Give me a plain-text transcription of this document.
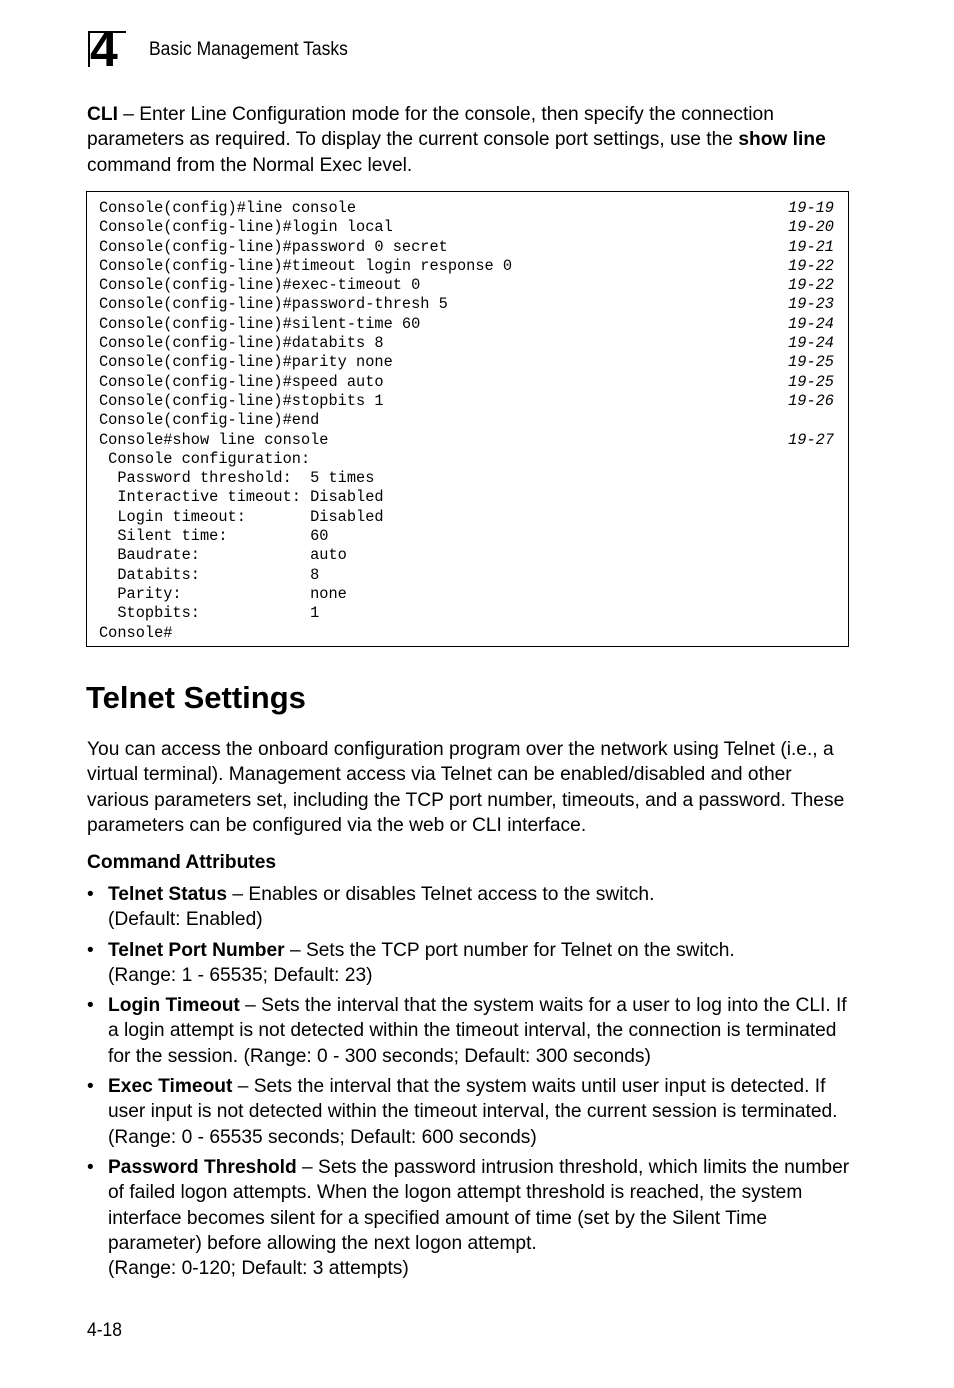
4 Basic Management Tasks

CLI – Enter Line Configuration mode for the console, then specify the connection parameters as required. To display the current console port settings, use the show line command from the Normal Exec level.

Console(config)#line console	19-19
Console(config-line)#login local	19-20
Console(config-line)#password 0 secret	19-21
Console(config-line)#timeout login response 0	19-22
Console(config-line)#exec-timeout 0	19-22
Console(config-line)#password-thresh 5	19-23
Console(config-line)#silent-time 60	19-24
Console(config-line)#databits 8	19-24
Console(config-line)#parity none	19-25
Console(config-line)#speed auto	19-25
Console(config-line)#stopbits 1	19-26
Console(config-line)#end
Console#show line console	19-27
Console configuration:
Password threshold:  5 times
Interactive timeout: Disabled
Login timeout:       Disabled
Silent time:         60
Baudrate:            auto
Databits:            8
Parity:              none
Stopbits:            1
Console#
Telnet Settings

You can access the onboard configuration program over the network using Telnet (i.e., a virtual terminal). Management access via Telnet can be enabled/disabled and other various parameters set, including the TCP port number, timeouts, and a password. These parameters can be configured via the web or CLI interface.

Command Attributes
• Telnet Status – Enables or disables Telnet access to the switch.
(Default: Enabled)
• Telnet Port Number – Sets the TCP port number for Telnet on the switch.
(Range: 1 - 65535; Default: 23)
• Login Timeout – Sets the interval that the system waits for a user to log into the CLI. If a login attempt is not detected within the timeout interval, the connection is terminated for the session. (Range: 0 - 300 seconds; Default: 300 seconds)
• Exec Timeout – Sets the interval that the system waits until user input is detected. If user input is not detected within the timeout interval, the current session is terminated. (Range: 0 - 65535 seconds; Default: 600 seconds)
• Password Threshold – Sets the password intrusion threshold, which limits the number of failed logon attempts. When the logon attempt threshold is reached, the system interface becomes silent for a specified amount of time (set by the Silent Time parameter) before allowing the next logon attempt.
(Range: 0-120; Default: 3 attempts)
4-18
